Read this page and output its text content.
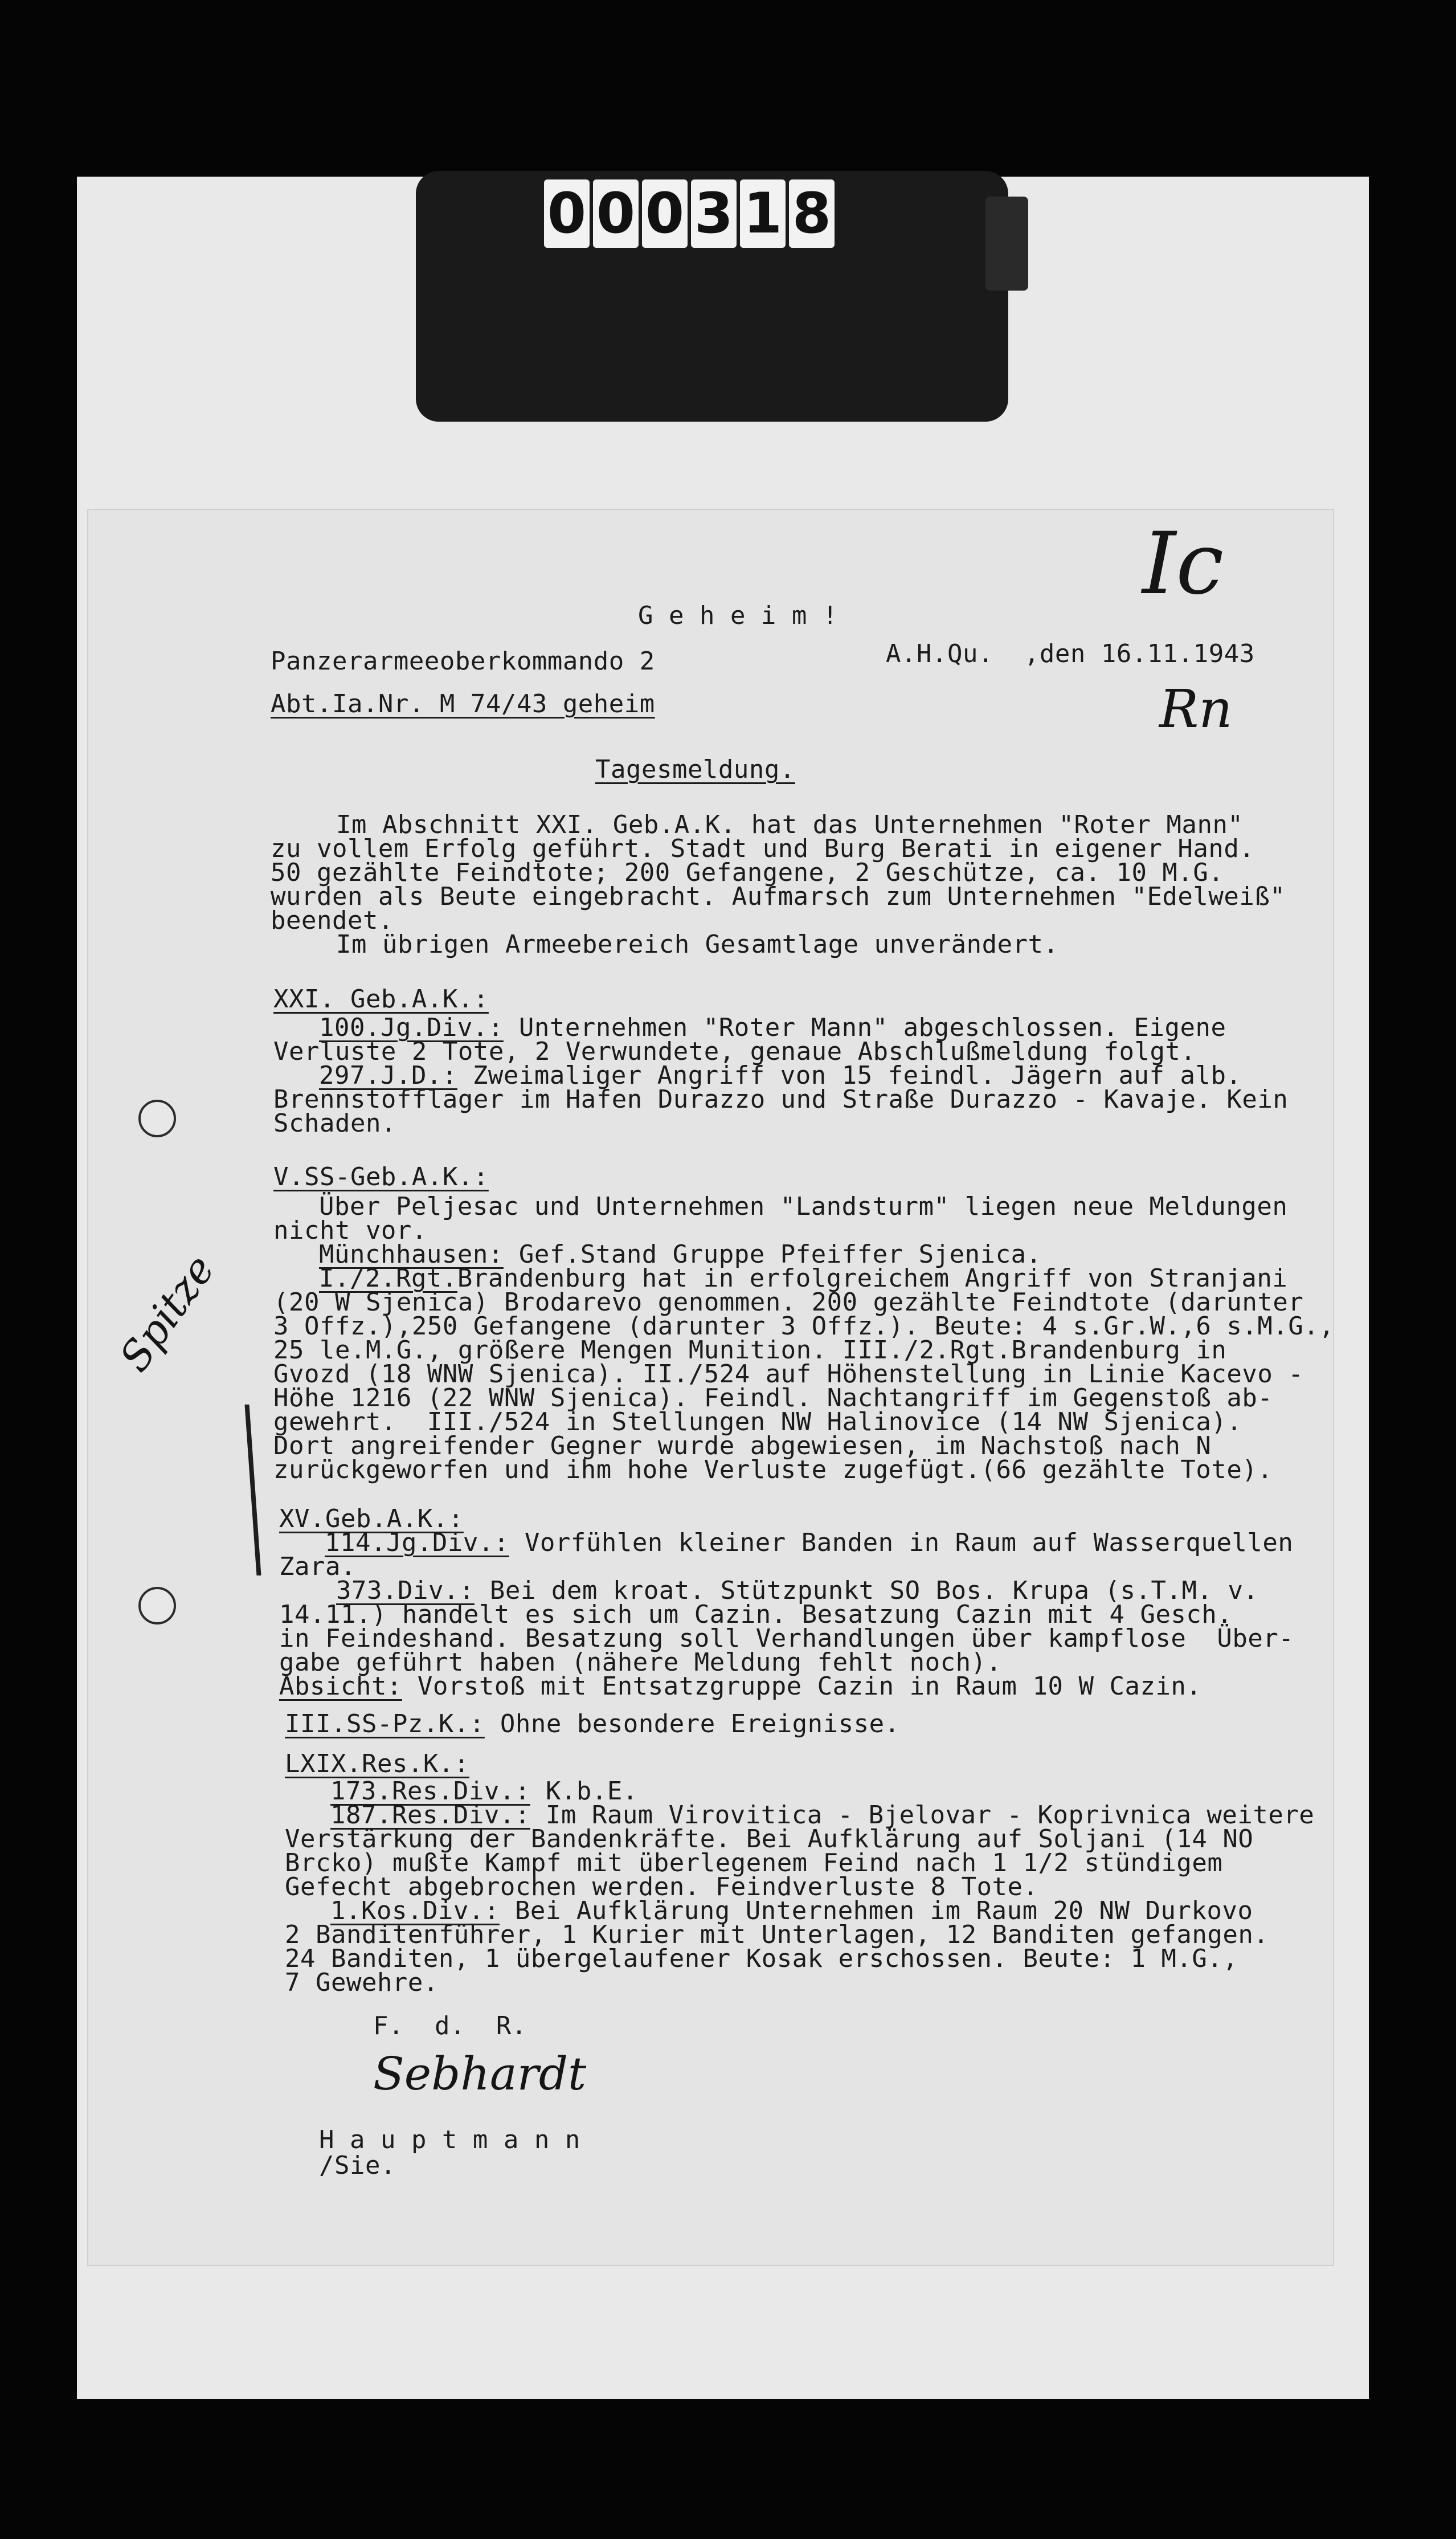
0 0 0 3 1 8
Ic
Rn
Spitze
G e h e i m !
Panzerarmeeoberkommando 2	A.H.Qu.  ,den 16.11.1943
Abt.Ia.Nr. M 74/43 geheim
Tagesmeldung.
Im Abschnitt XXI. Geb.A.K. hat das Unternehmen "Roter Mann"
zu vollem Erfolg geführt. Stadt und Burg Berati in eigener Hand.
50 gezählte Feindtote; 200 Gefangene, 2 Geschütze, ca. 10 M.G.
wurden als Beute eingebracht. Aufmarsch zum Unternehmen "Edelweiß"
beendet.
Im übrigen Armeebereich Gesamtlage unverändert.
XXI. Geb.A.K.:
100.Jg.Div.: Unternehmen "Roter Mann" abgeschlossen. Eigene
Verluste 2 Tote, 2 Verwundete, genaue Abschlußmeldung folgt.
297.J.D.: Zweimaliger Angriff von 15 feindl. Jägern auf alb.
Brennstofflager im Hafen Durazzo und Straße Durazzo - Kavaje. Kein
Schaden.
V.SS-Geb.A.K.:
Über Peljesac und Unternehmen "Landsturm" liegen neue Meldungen
nicht vor.
Münchhausen: Gef.Stand Gruppe Pfeiffer Sjenica.
I./2.Rgt.Brandenburg hat in erfolgreichem Angriff von Stranjani
(20 W Sjenica) Brodarevo genommen. 200 gezählte Feindtote (darunter
3 Offz.),250 Gefangene (darunter 3 Offz.). Beute: 4 s.Gr.W.,6 s.M.G.,
25 le.M.G., größere Mengen Munition. III./2.Rgt.Brandenburg in
Gvozd (18 WNW Sjenica). II./524 auf Höhenstellung in Linie Kacevo -
Höhe 1216 (22 WNW Sjenica). Feindl. Nachtangriff im Gegenstoß ab-
gewehrt.  III./524 in Stellungen NW Halinovice (14 NW Sjenica).
Dort angreifender Gegner wurde abgewiesen, im Nachstoß nach N
zurückgeworfen und ihm hohe Verluste zugefügt.(66 gezählte Tote).
XV.Geb.A.K.:
114.Jg.Div.: Vorfühlen kleiner Banden in Raum auf Wasserquellen
Zara.
373.Div.: Bei dem kroat. Stützpunkt SO Bos. Krupa (s.T.M. v.
14.11.) handelt es sich um Cazin. Besatzung Cazin mit 4 Gesch.
in Feindeshand. Besatzung soll Verhandlungen über kampflose  Über-
gabe geführt haben (nähere Meldung fehlt noch).
Absicht: Vorstoß mit Entsatzgruppe Cazin in Raum 10 W Cazin.
III.SS-Pz.K.: Ohne besondere Ereignisse.
LXIX.Res.K.:
173.Res.Div.: K.b.E.
187.Res.Div.: Im Raum Virovitica - Bjelovar - Koprivnica weitere
Verstärkung der Bandenkräfte. Bei Aufklärung auf Soljani (14 NO
Brcko) mußte Kampf mit überlegenem Feind nach 1 1/2 stündigem
Gefecht abgebrochen werden. Feindverluste 8 Tote.
1.Kos.Div.: Bei Aufklärung Unternehmen im Raum 20 NW Durkovo
2 Banditenführer, 1 Kurier mit Unterlagen, 12 Banditen gefangen.
24 Banditen, 1 übergelaufener Kosak erschossen. Beute: 1 M.G.,
7 Gewehre.
F.  d.  R.
Sebhardt
H a u p t m a n n
/Sie.
